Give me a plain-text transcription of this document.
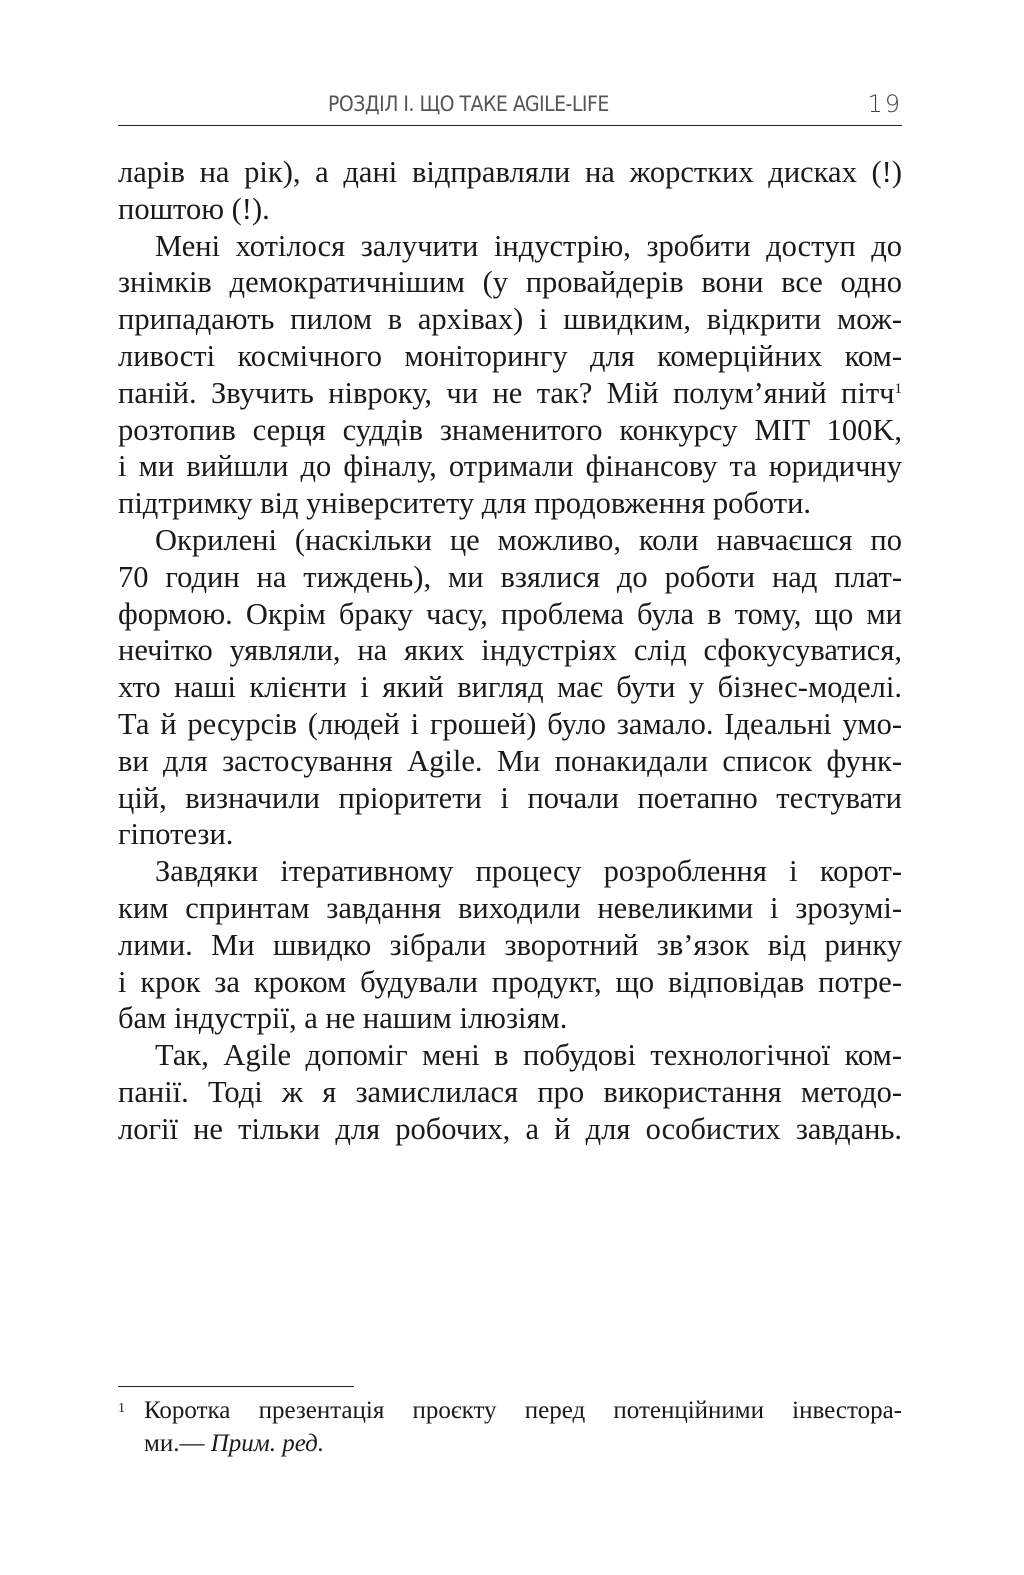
РОЗДІЛ І. ЩО ТАКЕ AGILE-LIFE	19

ларів на рік), а дані відправляли на жорстких дисках (!)
поштою (!).

Мені хотілося залучити індустрію, зробити доступ до
знімків демократичнішим (у провайдерів вони все одно
припадають пилом в архівах) і швидким, відкрити мож-
ливості космічного моніторингу для комерційних ком-
паній. Звучить нівроку, чи не так? Мій полум’яний пітч$^1$
розтопив серця суддів знаменитого конкурсу MIT 100K,
і ми вийшли до фіналу, отримали фінансову та юридичну
підтримку від університету для продовження роботи.

Окрилені (наскільки це можливо, коли навчаєшся по
70 годин на тиждень), ми взялися до роботи над плат-
формою. Окрім браку часу, проблема була в тому, що ми
нечітко уявляли, на яких індустріях слід сфокусуватися,
хто наші клієнти і який вигляд має бути у бізнес-моделі.
Та й ресурсів (людей і грошей) було замало. Ідеальні умо-
ви для застосування Agile. Ми понакидали список функ-
цій, визначили пріоритети і почали поетапно тестувати
гіпотези.

Завдяки ітеративному процесу розроблення і корот-
ким спринтам завдання виходили невеликими і зрозумі-
лими. Ми швидко зібрали зворотний зв’язок від ринку
і крок за кроком будували продукт, що відповідав потре-
бам індустрії, а не нашим ілюзіям.

Так, Agile допоміг мені в побудові технологічної ком-
панії. Тоді ж я замислилася про використання методо-
логії не тільки для робочих, а й для особистих завдань.

1 Коротка презентація проєкту перед потенційними інвестора-
ми.— Прим. ред.
